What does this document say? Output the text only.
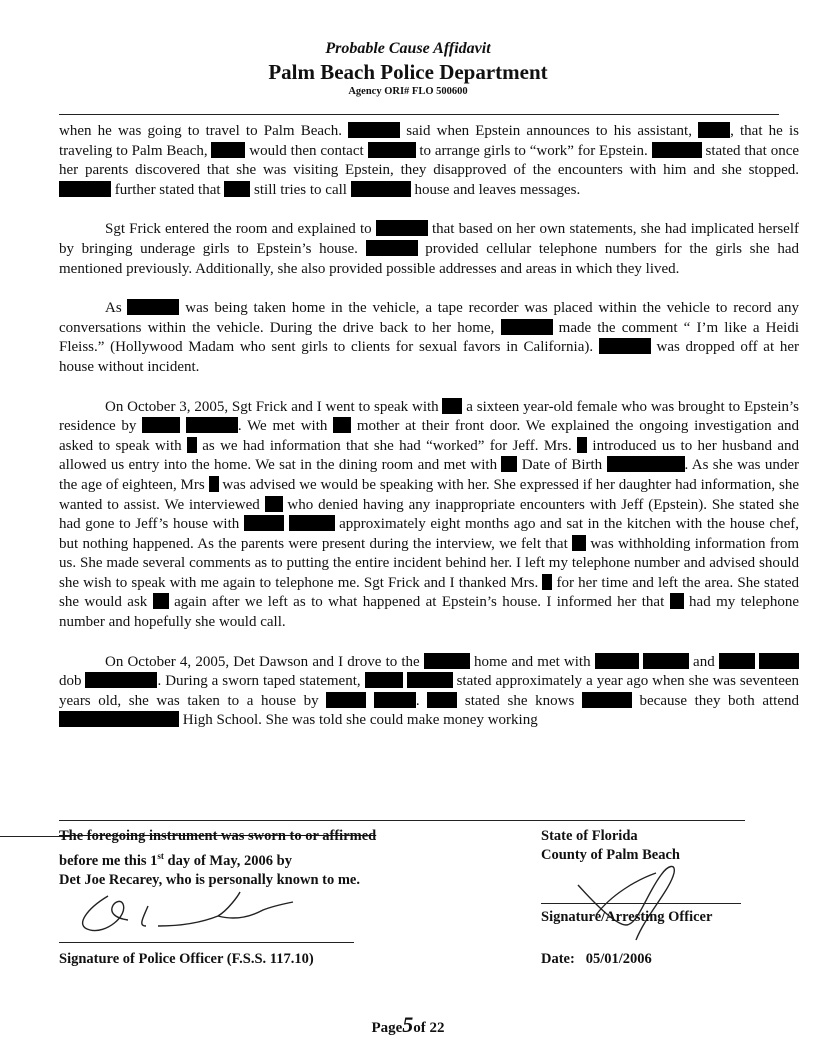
Probable Cause Affidavit
Palm Beach Police Department
Agency ORI# FLO 500600

when he was going to travel to Palm Beach.	said when Epstein announces to his assistant, , that he is traveling to Palm Beach,  would then contact	to arrange girls to “work” for Epstein.	stated that once her parents discovered that she was visiting Epstein, they disapproved of the encounters with him and she stopped.  further stated that  still tries to call	house and leaves messages.

Sgt Frick entered the room and explained to	that based on her own statements, she had implicated herself by bringing underage girls to Epstein’s house.	provided cellular telephone numbers for the girls she had mentioned previously. Additionally, she also provided possible addresses and areas in which they lived.

As	was being taken home in the vehicle, a tape recorder was placed within the vehicle to record any conversations within the vehicle. During the drive back to her home,	made the comment “ I’m like a Heidi Fleiss.” (Hollywood Madam who sent girls to clients for sexual favors in California).	was dropped off at her house without incident.

On October 3, 2005, Sgt Frick and I went to speak with  a sixteen year-old female who was brought to Epstein’s residence by	. We met with  mother at their front door. We explained the ongoing investigation and asked to speak with  as we had information that she had “worked” for Jeff. Mrs.  introduced us to her husband and allowed us entry into the home. We sat in the dining room and met with  Date of Birth	. As she was under the age of eighteen, Mrs  was advised we would be speaking with her. She expressed if her daughter had information, she wanted to assist. We interviewed  who denied having any inappropriate encounters with Jeff (Epstein). She stated she had gone to Jeff’s house with	approximately eight months ago and sat in the kitchen with the house chef, but nothing happened. As the parents were present during the interview, we felt that  was withholding information from us. She made several comments as to putting the entire incident behind her. I left my telephone number and advised should she wish to speak with me again to telephone me. Sgt Frick and I thanked Mrs.  for her time and left the area. She stated she would ask  again after we left as to what happened at Epstein’s house. I informed her that  had my telephone number and hopefully she would call.

On October 4, 2005, Det Dawson and I drove to the	home and met with	and   dob	. During a sworn taped statement,	stated approximately a year ago when she was seventeen years old, she was taken to a house by	.  stated she knows	because they both attend  High School. She was told she could make money working

The foregoing instrument was sworn to or affirmed
before me this 1st day of May, 2006 by
Det Joe Recarey, who is personally known to me.
Signature of Police Officer (F.S.S. 117.10)
State of Florida
County of Palm Beach
Signature/Arresting Officer
Date: 05/01/2006
Page5of 22
